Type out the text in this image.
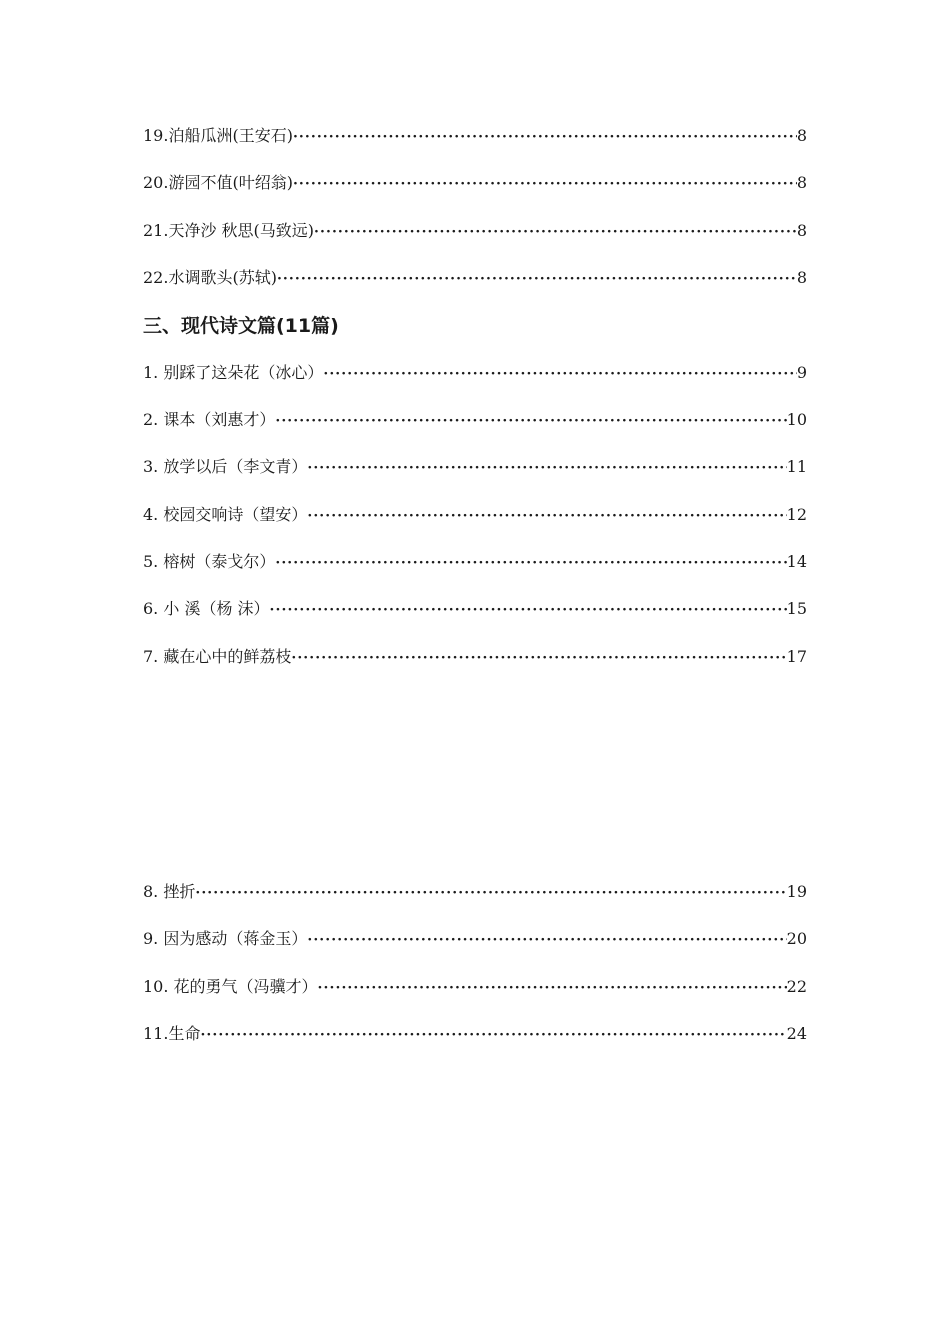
19.泊船瓜洲(王安石) ·····	8
20.游园不值(叶绍翁) ·····	8
21.天净沙 秋思(马致远) ·····	8
22.水调歌头(苏轼) ·····	8
三、现代诗文篇(11篇)
1. 别踩了这朵花（冰心） ·····	9
2. 课本（刘惠才） ·····	10
3. 放学以后（李文青） ·····	11
4. 校园交响诗（望安） ·····	12
5. 榕树（泰戈尔） ·····	14
6. 小 溪（杨 沫） ·····	15
7. 藏在心中的鲜荔枝 ·····	17
8. 挫折 ·····	19
9. 因为感动（蒋金玉） ·····	20
10. 花的勇气（冯骥才） ·····	22
11.生命 ·····	24
